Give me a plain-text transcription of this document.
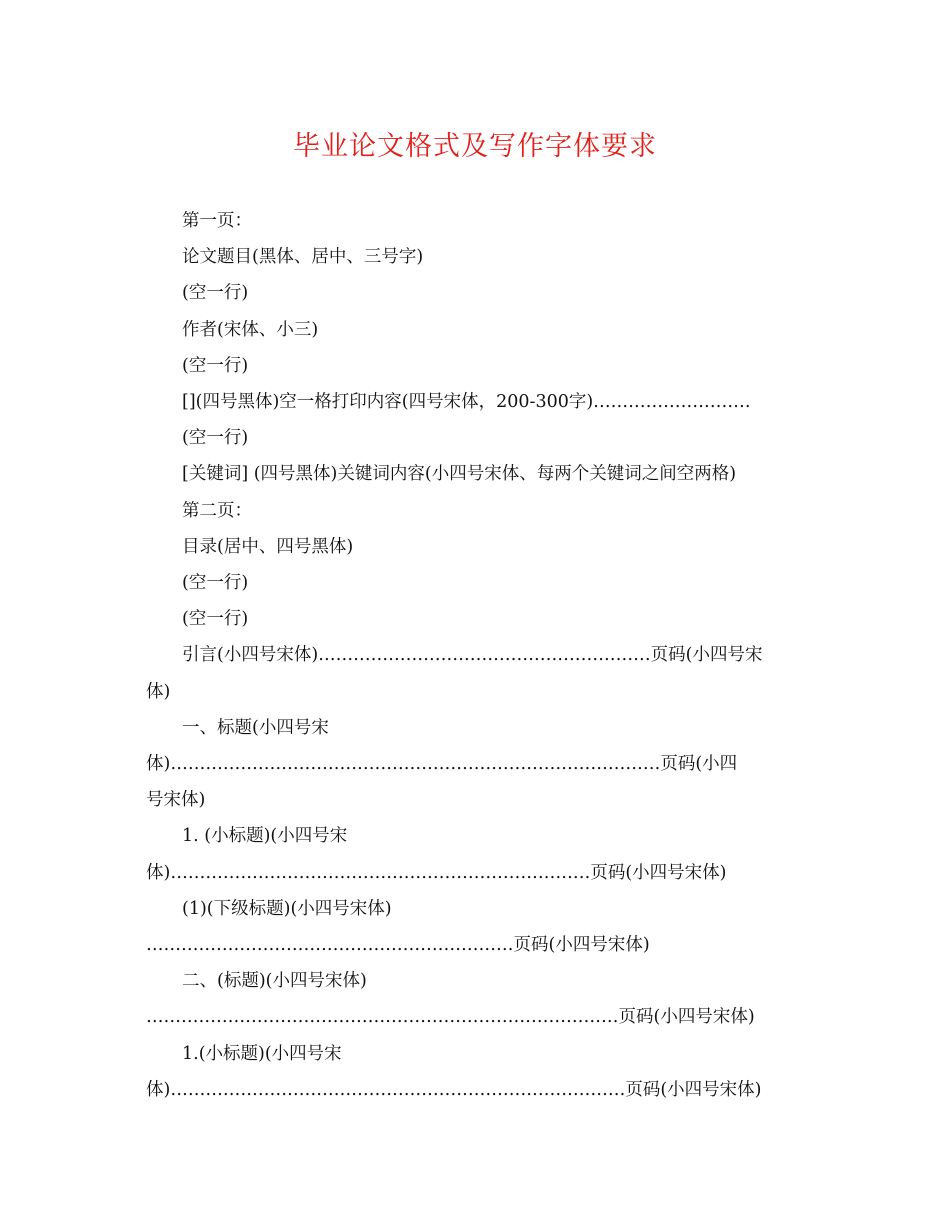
毕业论文格式及写作字体要求

第一页：

论文题目(黑体、居中、三号字)

(空一行)

作者(宋体、小三)

(空一行)

[](四号黑体)空一格打印内容(四号宋体，200-300字)………………………

(空一行)

[关键词] (四号黑体)关键词内容(小四号宋体、每两个关键词之间空两格)

第二页：

目录(居中、四号黑体)

(空一行)

(空一行)

引言(小四号宋体)…………………………………………………页码(小四号宋

体)

一、标题(小四号宋

体)…………………………………………………………………………页码(小四

号宋体)

1. (小标题)(小四号宋

体)………………………………………………………………页码(小四号宋体)

(1)(下级标题)(小四号宋体)

………………………………………………………页码(小四号宋体)

二、(标题)(小四号宋体)

………………………………………………………………………页码(小四号宋体)

1.(小标题)(小四号宋

体)……………………………………………………………………页码(小四号宋体)
